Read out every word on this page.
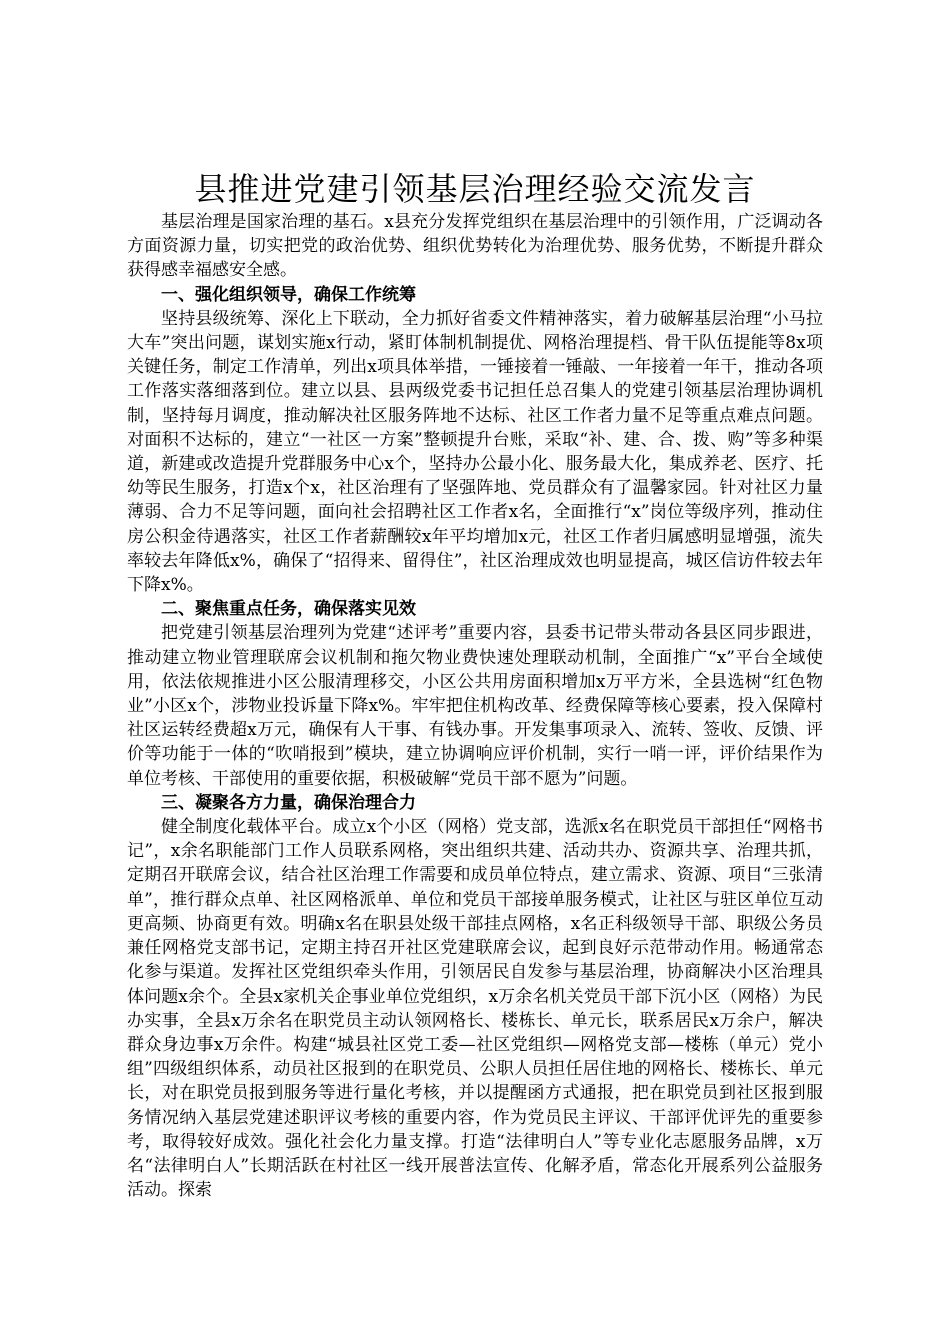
县推进党建引领基层治理经验交流发言

基层治理是国家治理的基石。x县充分发挥党组织在基层治理中的引领作用，广泛调动各方面资源力量，切实把党的政治优势、组织优势转化为治理优势、服务优势，不断提升群众获得感幸福感安全感。

一、强化组织领导，确保工作统筹

坚持县级统筹、深化上下联动，全力抓好省委文件精神落实，着力破解基层治理“小马拉大车”突出问题，谋划实施x行动，紧盯体制机制提优、网格治理提档、骨干队伍提能等8x项关键任务，制定工作清单，列出x项具体举措，一锤接着一锤敲、一年接着一年干，推动各项工作落实落细落到位。建立以县、县两级党委书记担任总召集人的党建引领基层治理协调机制，坚持每月调度，推动解决社区服务阵地不达标、社区工作者力量不足等重点难点问题。对面积不达标的，建立“一社区一方案”整顿提升台账，采取“补、建、合、拨、购”等多种渠道，新建或改造提升党群服务中心x个，坚持办公最小化、服务最大化，集成养老、医疗、托幼等民生服务，打造x个x，社区治理有了坚强阵地、党员群众有了温馨家园。针对社区力量薄弱、合力不足等问题，面向社会招聘社区工作者x名，全面推行“x”岗位等级序列，推动住房公积金待遇落实，社区工作者薪酬较x年平均增加x元，社区工作者归属感明显增强，流失率较去年降低x%，确保了“招得来、留得住”，社区治理成效也明显提高，城区信访件较去年下降x%。

二、聚焦重点任务，确保落实见效

把党建引领基层治理列为党建“述评考”重要内容，县委书记带头带动各县区同步跟进，推动建立物业管理联席会议机制和拖欠物业费快速处理联动机制，全面推广“x”平台全域使用，依法依规推进小区公服清理移交，小区公共用房面积增加x万平方米，全县选树“红色物业”小区x个，涉物业投诉量下降x%。牢牢把住机构改革、经费保障等核心要素，投入保障村社区运转经费超x万元，确保有人干事、有钱办事。开发集事项录入、流转、签收、反馈、评价等功能于一体的“吹哨报到”模块，建立协调响应评价机制，实行一哨一评，评价结果作为单位考核、干部使用的重要依据，积极破解“党员干部不愿为”问题。

三、凝聚各方力量，确保治理合力

健全制度化载体平台。成立x个小区（网格）党支部，选派x名在职党员干部担任“网格书记”，x余名职能部门工作人员联系网格，突出组织共建、活动共办、资源共享、治理共抓，定期召开联席会议，结合社区治理工作需要和成员单位特点，建立需求、资源、项目“三张清单”，推行群众点单、社区网格派单、单位和党员干部接单服务模式，让社区与驻区单位互动更高频、协商更有效。明确x名在职县处级干部挂点网格，x名正科级领导干部、职级公务员兼任网格党支部书记，定期主持召开社区党建联席会议，起到良好示范带动作用。畅通常态化参与渠道。发挥社区党组织牵头作用，引领居民自发参与基层治理，协商解决小区治理具体问题x余个。全县x家机关企事业单位党组织，x万余名机关党员干部下沉小区（网格）为民办实事，全县x万余名在职党员主动认领网格长、楼栋长、单元长，联系居民x万余户，解决群众身边事x万余件。构建“城县社区党工委—社区党组织—网格党支部—楼栋（单元）党小组”四级组织体系，动员社区报到的在职党员、公职人员担任居住地的网格长、楼栋长、单元长，对在职党员报到服务等进行量化考核，并以提醒函方式通报，把在职党员到社区报到服务情况纳入基层党建述职评议考核的重要内容，作为党员民主评议、干部评优评先的重要参考，取得较好成效。强化社会化力量支撑。打造“法律明白人”等专业化志愿服务品牌，x万名“法律明白人”长期活跃在村社区一线开展普法宣传、化解矛盾，常态化开展系列公益服务活动。探索
